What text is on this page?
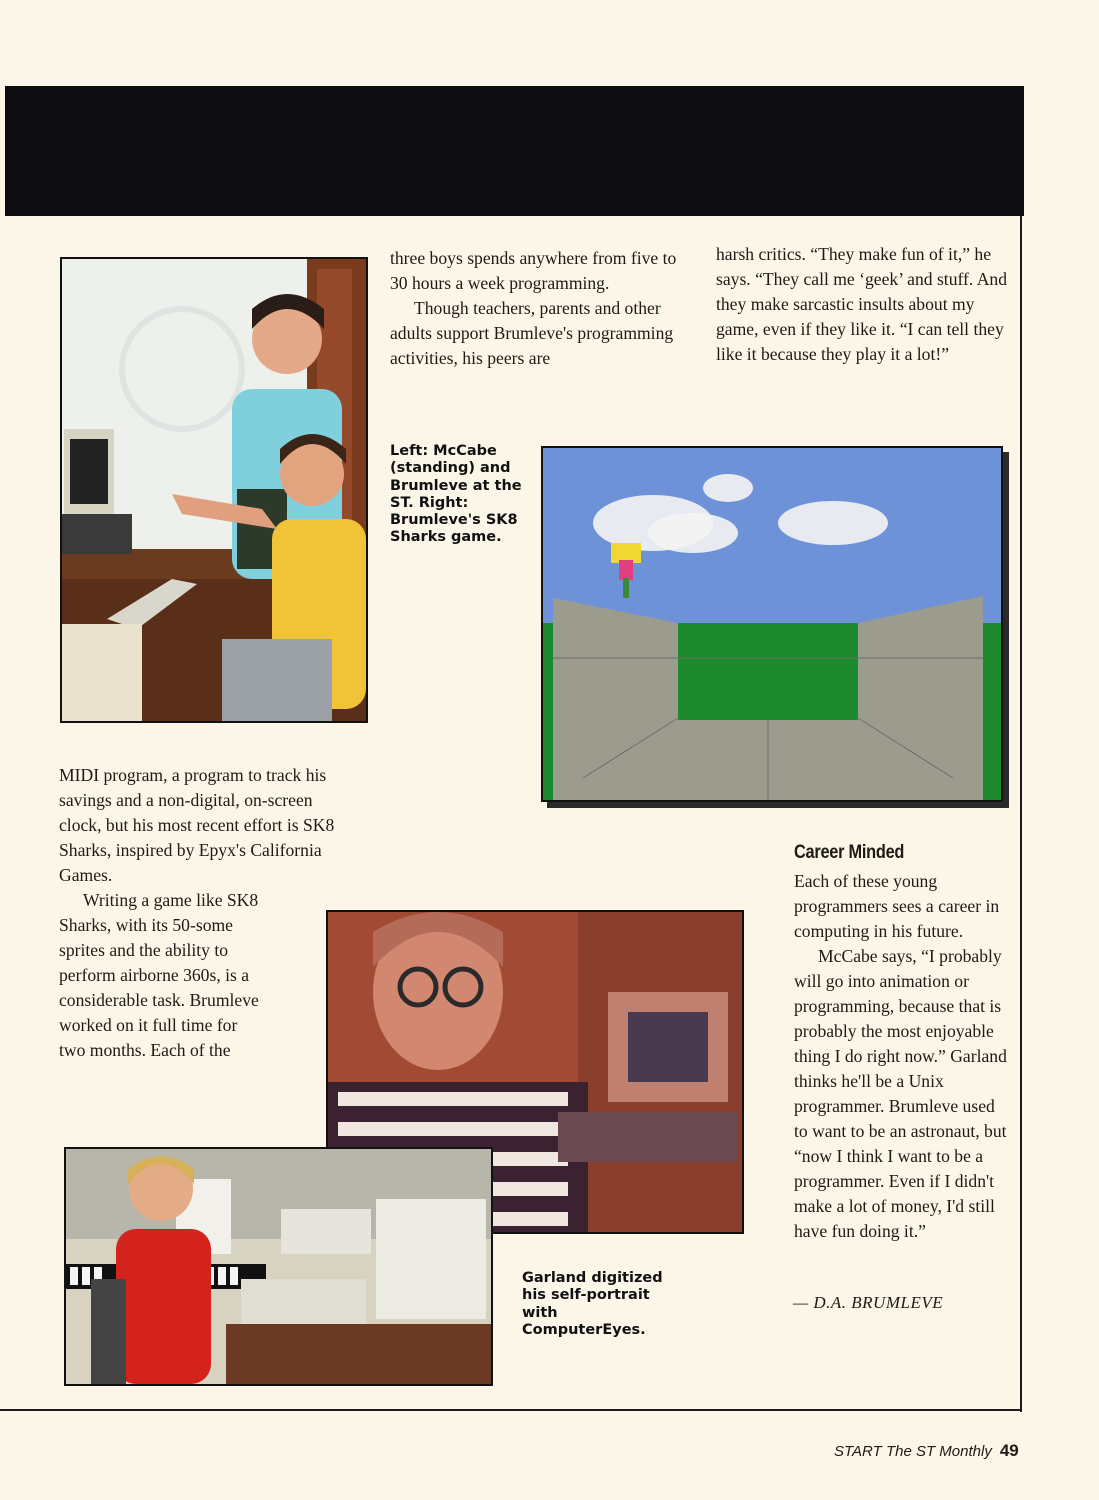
three boys spends anywhere from five to 30 hours a week programming.

Though teachers, parents and other adults support Brumleve's programming activities, his peers are

harsh critics. “They make fun of it,” he says. “They call me ‘geek’ and stuff. And they make sarcastic insults about my game, even if they like it. “I can tell they like it because they play it a lot!”

Left: McCabe (standing) and Brumleve at the ST. Right: Brumleve's SK8 Sharks game.

MIDI program, a program to track his savings and a non-digital, on-screen clock, but his most recent effort is SK8 Sharks, inspired by Epyx's California Games.

Writing a game like SK8 Sharks, with its 50-some sprites and the ability to perform airborne 360s, is a considerable task. Brumleve worked on it full time for two months. Each of the

Career Minded

Each of these young programmers sees a career in computing in his future.

McCabe says, “I probably will go into animation or programming, because that is probably the most enjoyable thing I do right now.” Garland thinks he'll be a Unix programmer. Brumleve used to want to be an astronaut, but “now I think I want to be a programmer. Even if I didn't make a lot of money, I'd still have fun doing it.”

— D.A. BRUMLEVE
Garland digitized his self-portrait with ComputerEyes.
START The ST Monthly 49
